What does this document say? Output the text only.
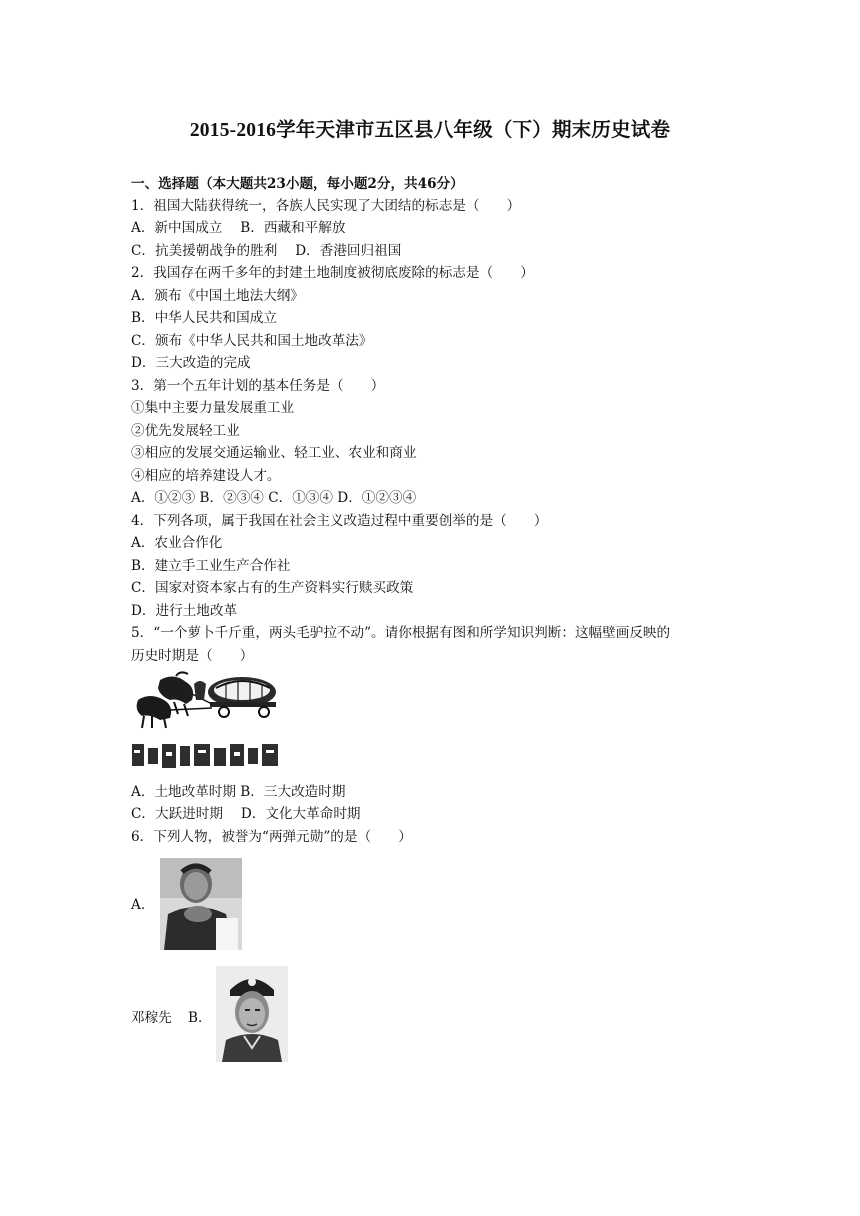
2015-2016学年天津市五区县八年级（下）期末历史试卷
一、选择题（本大题共23小题，每小题2分，共46分）
1．祖国大陆获得统一，各族人民实现了大团结的标志是（　　）
A．新中国成立　 B．西藏和平解放
C．抗美援朝战争的胜利　 D．香港回归祖国
2．我国存在两千多年的封建土地制度被彻底废除的标志是（　　）
A．颁布《中国土地法大纲》
B．中华人民共和国成立
C．颁布《中华人民共和国土地改革法》
D．三大改造的完成
3．第一个五年计划的基本任务是（　　）
①集中主要力量发展重工业
②优先发展轻工业
③相应的发展交通运输业、轻工业、农业和商业
④相应的培养建设人才。
A．①②③ B．②③④ C．①③④ D．①②③④
4．下列各项，属于我国在社会主义改造过程中重要创举的是（　　）
A．农业合作化
B．建立手工业生产合作社
C．国家对资本家占有的生产资料实行赎买政策
D．进行土地改革
5．“一个萝卜千斤重，两头毛驴拉不动”。请你根据有图和所学知识判断：这幅壁画反映的
历史时期是（　　）
A．土地改革时期 B．三大改造时期
C．大跃进时期　 D．文化大革命时期
6．下列人物，被誉为“两弹元勋”的是（　　）
A．
邓稼先　 B．
